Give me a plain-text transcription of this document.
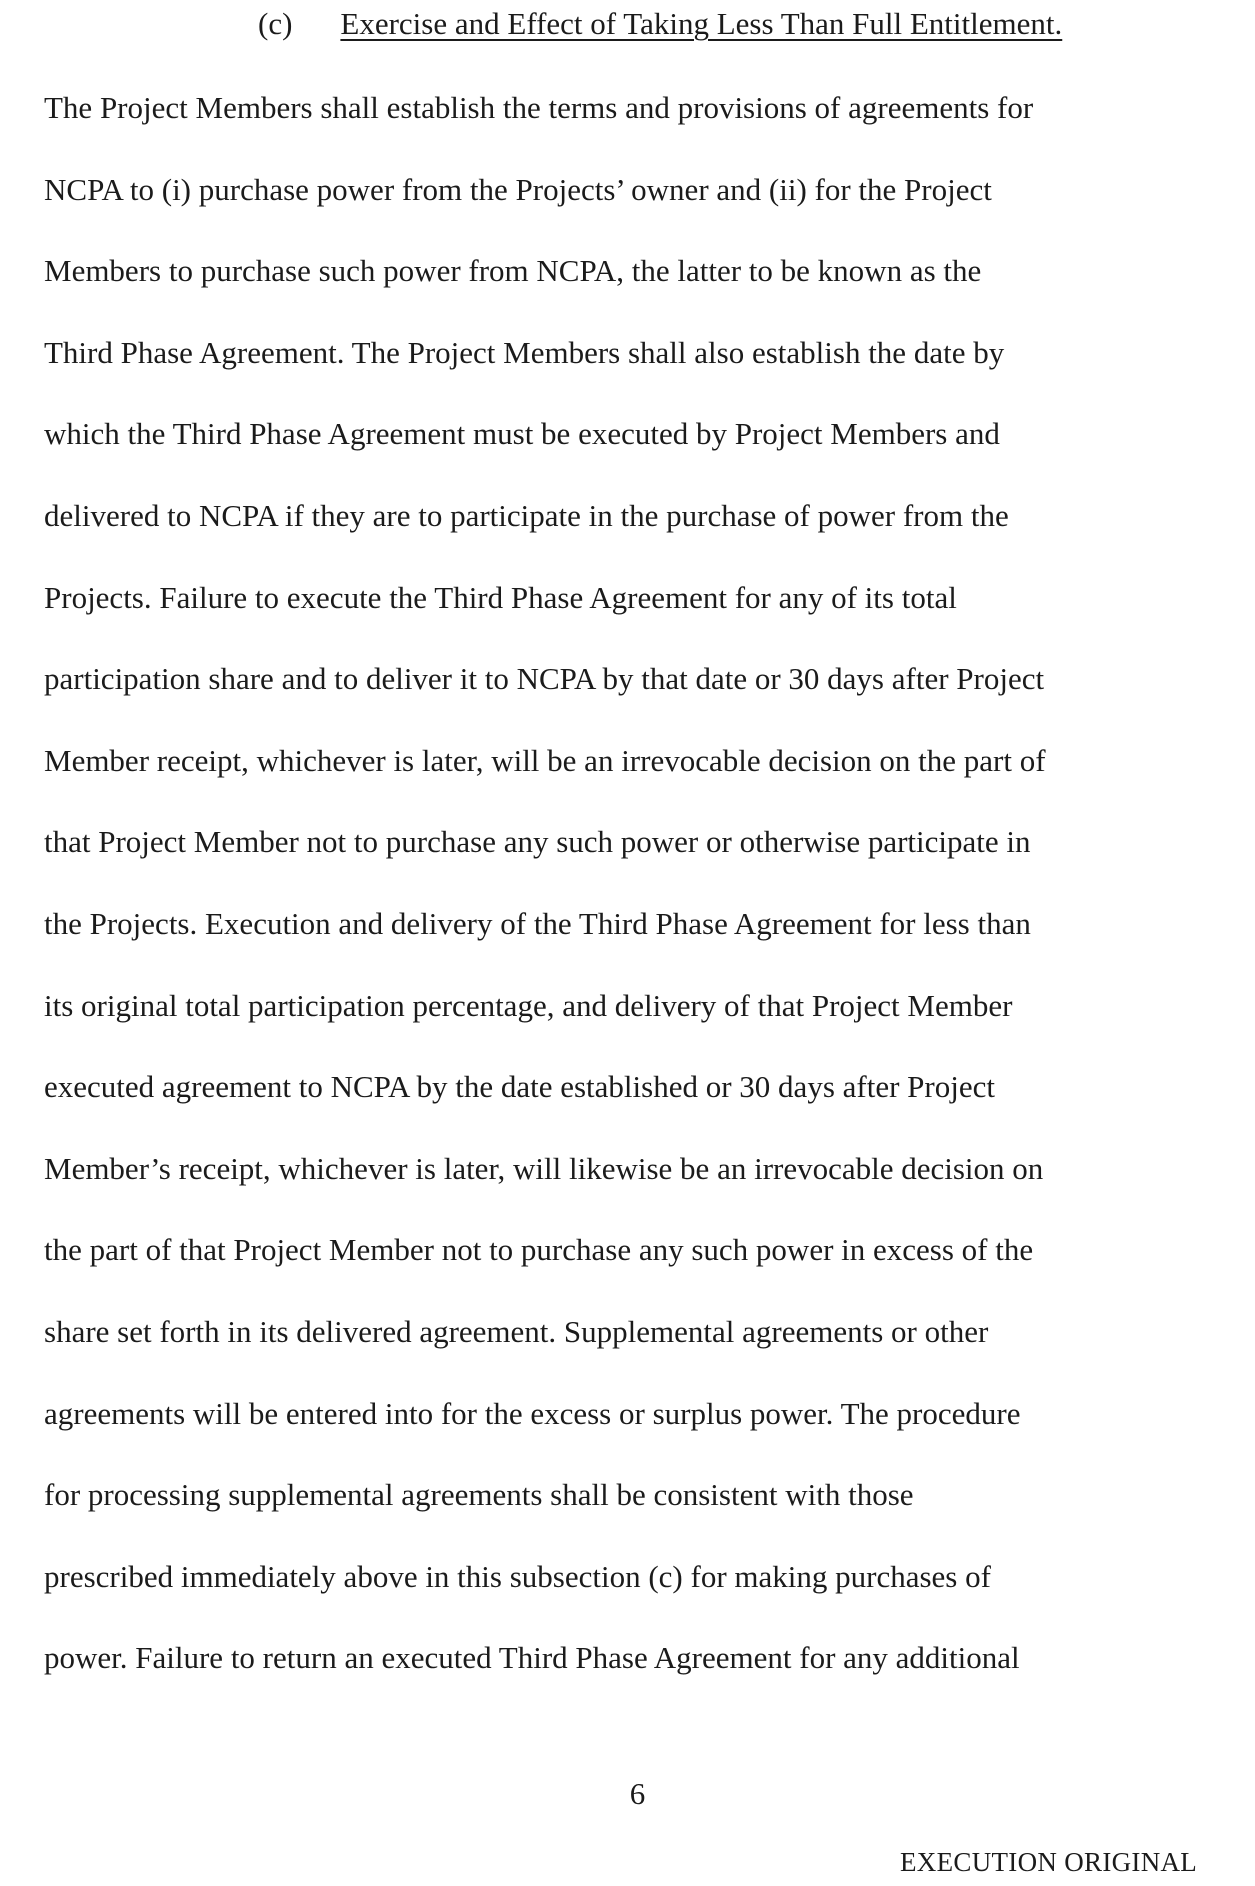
(c) Exercise and Effect of Taking Less Than Full Entitlement.
The Project Members shall establish the terms and provisions of agreements for
NCPA to (i) purchase power from the Projects’ owner and (ii) for the Project
Members to purchase such power from NCPA, the latter to be known as the
Third Phase Agreement. The Project Members shall also establish the date by
which the Third Phase Agreement must be executed by Project Members and
delivered to NCPA if they are to participate in the purchase of power from the
Projects. Failure to execute the Third Phase Agreement for any of its total
participation share and to deliver it to NCPA by that date or 30 days after Project
Member receipt, whichever is later, will be an irrevocable decision on the part of
that Project Member not to purchase any such power or otherwise participate in
the Projects. Execution and delivery of the Third Phase Agreement for less than
its original total participation percentage, and delivery of that Project Member
executed agreement to NCPA by the date established or 30 days after Project
Member’s receipt, whichever is later, will likewise be an irrevocable decision on
the part of that Project Member not to purchase any such power in excess of the
share set forth in its delivered agreement. Supplemental agreements or other
agreements will be entered into for the excess or surplus power. The procedure
for processing supplemental agreements shall be consistent with those
prescribed immediately above in this subsection (c) for making purchases of
power. Failure to return an executed Third Phase Agreement for any additional
6
EXECUTION ORIGINAL
